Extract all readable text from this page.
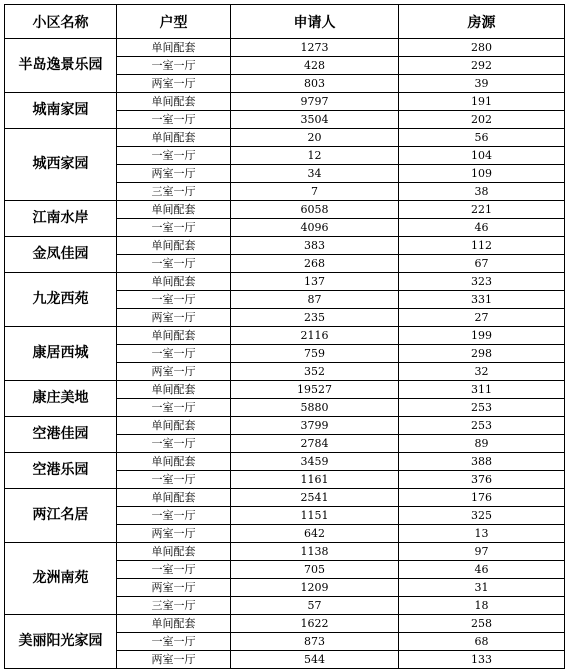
小区名称	户型	申请人	房源
半岛逸景乐园	单间配套	1273	280
	一室一厅	428	292
	两室一厅	803	39
城南家园	单间配套	9797	191
	一室一厅	3504	202
城西家园	单间配套	20	56
	一室一厅	12	104
	两室一厅	34	109
	三室一厅	7	38
江南水岸	单间配套	6058	221
	一室一厅	4096	46
金凤佳园	单间配套	383	112
	一室一厅	268	67
九龙西苑	单间配套	137	323
	一室一厅	87	331
	两室一厅	235	27
康居西城	单间配套	2116	199
	一室一厅	759	298
	两室一厅	352	32
康庄美地	单间配套	19527	311
	一室一厅	5880	253
空港佳园	单间配套	3799	253
	一室一厅	2784	89
空港乐园	单间配套	3459	388
	一室一厅	1161	376
两江名居	单间配套	2541	176
	一室一厅	1151	325
	两室一厅	642	13
龙洲南苑	单间配套	1138	97
	一室一厅	705	46
	两室一厅	1209	31
	三室一厅	57	18
美丽阳光家园	单间配套	1622	258
	一室一厅	873	68
	两室一厅	544	133
